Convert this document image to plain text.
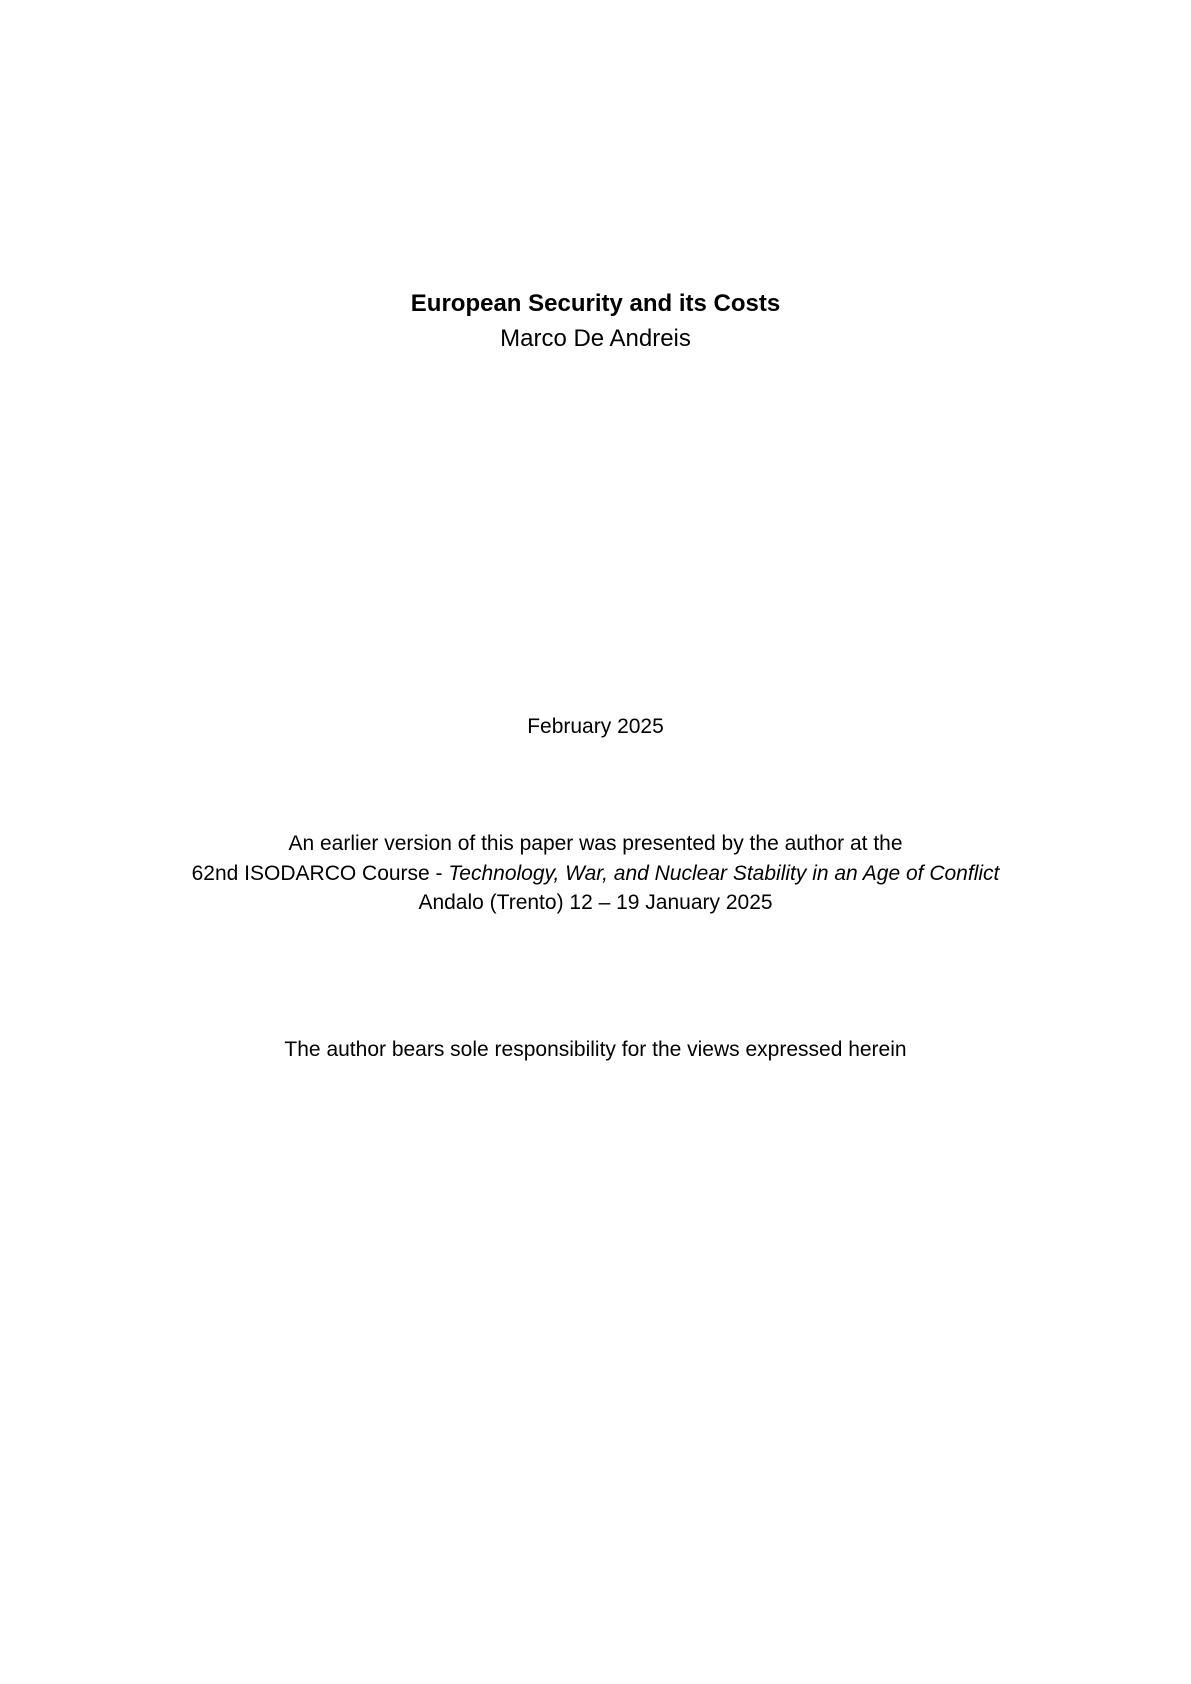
European Security and its Costs
Marco De Andreis
February 2025
An earlier version of this paper was presented by the author at the
62nd ISODARCO Course - Technology, War, and Nuclear Stability in an Age of Conflict
Andalo (Trento) 12 – 19 January 2025
The author bears sole responsibility for the views expressed herein
